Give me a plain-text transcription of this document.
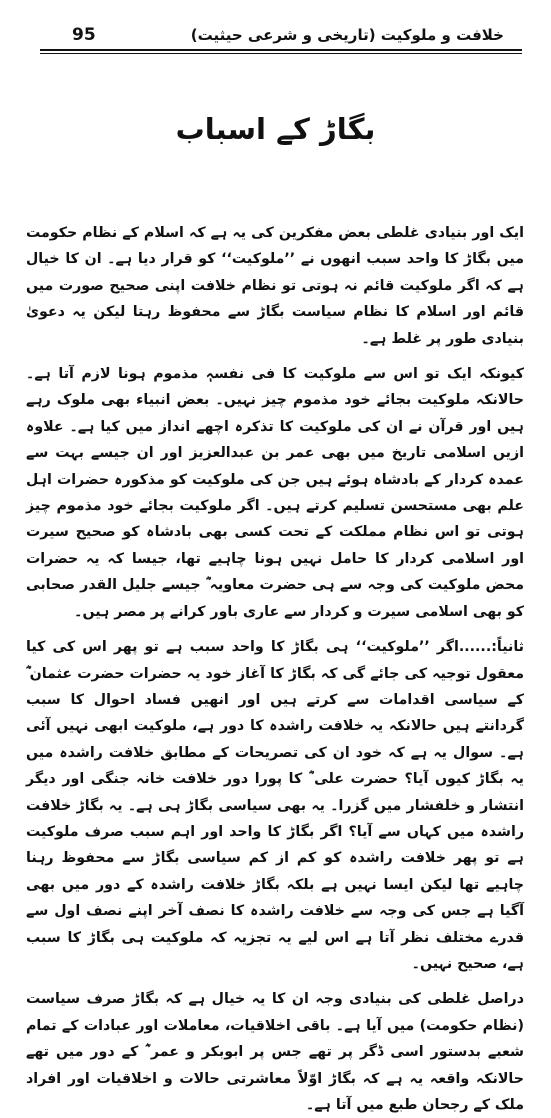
خلافت و ملوکیت (تاریخی و شرعی حیثیت)
95
بگاڑ کے اسباب

ایک اور بنیادی غلطی بعض مفکرین کی یہ ہے کہ اسلام کے نظام حکومت میں بگاڑ کا واحد سبب انھوں نے ’’ملوکیت‘‘ کو قرار دیا ہے۔ ان کا خیال ہے کہ اگر ملوکیت قائم نہ ہوتی تو نظام خلافت اپنی صحیح صورت میں قائم اور اسلام کا نظام سیاست بگاڑ سے محفوظ رہتا لیکن یہ دعویٰ بنیادی طور پر غلط ہے۔

کیونکہ ایک تو اس سے ملوکیت کا فی نفسہٖ مذموم ہونا لازم آتا ہے۔ حالانکہ ملوکیت بجائے خود مذموم چیز نہیں۔ بعض انبیاء بھی ملوک رہے ہیں اور قرآن نے ان کی ملوکیت کا تذکرہ اچھے انداز میں کیا ہے۔ علاوہ ازیں اسلامی تاریخ میں بھی عمر بن عبدالعزیز اور ان جیسے بہت سے عمدہ کردار کے بادشاہ ہوئے ہیں جن کی ملوکیت کو مذکورہ حضرات اہل علم بھی مستحسن تسلیم کرتے ہیں۔ اگر ملوکیت بجائے خود مذموم چیز ہوتی تو اس نظام مملکت کے تحت کسی بھی بادشاہ کو صحیح سیرت اور اسلامی کردار کا حامل نہیں ہونا چاہیے تھا، جیسا کہ یہ حضرات محض ملوکیت کی وجہ سے ہی حضرت معاویہ ؓ جیسے جلیل القدر صحابی کو بھی اسلامی سیرت و کردار سے عاری باور کرانے پر مصر ہیں۔

ثانیاً:......اگر ’’ملوکیت‘‘ ہی بگاڑ کا واحد سبب ہے تو پھر اس کی کیا معقول توجیہ کی جائے گی کہ بگاڑ کا آغاز خود یہ حضرات حضرت عثمان ؓ کے سیاسی اقدامات سے کرتے ہیں اور انھیں فساد احوال کا سبب گردانتے ہیں حالانکہ یہ خلافت راشدہ کا دور ہے، ملوکیت ابھی نہیں آئی ہے۔ سوال یہ ہے کہ خود ان کی تصریحات کے مطابق خلافت راشدہ میں یہ بگاڑ کیوں آیا؟ حضرت علی ؓ کا پورا دور خلافت خانہ جنگی اور دیگر انتشار و خلفشار میں گزرا۔ یہ بھی سیاسی بگاڑ ہی ہے۔ یہ بگاڑ خلافت راشدہ میں کہاں سے آیا؟ اگر بگاڑ کا واحد اور اہم سبب صرف ملوکیت ہے تو پھر خلافت راشدہ کو کم از کم سیاسی بگاڑ سے محفوظ رہنا چاہیے تھا لیکن ایسا نہیں ہے بلکہ بگاڑ خلافت راشدہ کے دور میں بھی آگیا ہے جس کی وجہ سے خلافت راشدہ کا نصف آخر اپنے نصف اول سے قدرے مختلف نظر آتا ہے اس لیے یہ تجزیہ کہ ملوکیت ہی بگاڑ کا سبب ہے، صحیح نہیں۔

دراصل غلطی کی بنیادی وجہ ان کا یہ خیال ہے کہ بگاڑ صرف سیاست (نظام حکومت) میں آیا ہے۔ باقی اخلاقیات، معاملات اور عبادات کے تمام شعبے بدستور اسی ڈگر پر تھے جس پر ابوبکر و عمر ؓ کے دور میں تھے حالانکہ واقعہ یہ ہے کہ بگاڑ اوّلاً معاشرتی حالات و اخلاقیات اور افراد ملک کے رجحان طبع میں آتا ہے۔
